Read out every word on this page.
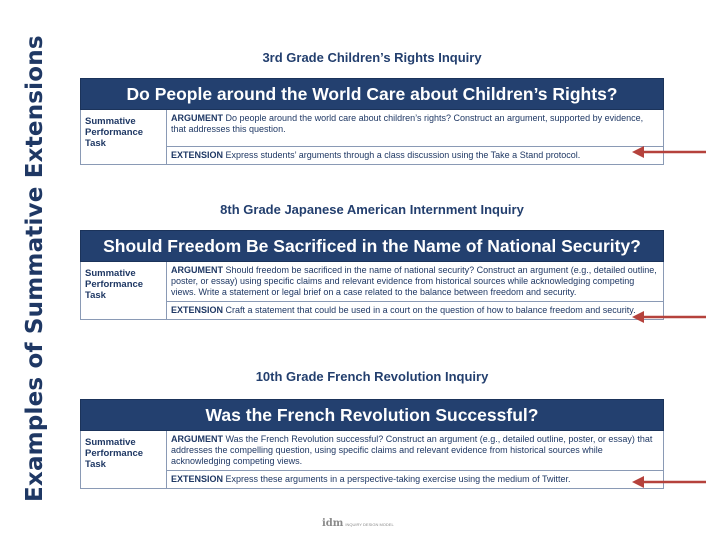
Examples of Summative Extensions	3rd Grade Children’s Rights Inquiry
Do People around the World Care about Children’s Rights?
Summative Performance Task
ARGUMENT Do people around the world care about children’s rights? Construct an argument, supported by evidence, that addresses this question.
EXTENSION Express students’ arguments through a class discussion using the Take a Stand protocol.
8th Grade Japanese American Internment Inquiry
Should Freedom Be Sacrificed in the Name of National Security?
Summative Performance Task
ARGUMENT Should freedom be sacrificed in the name of national security? Construct an argument (e.g., detailed outline, poster, or essay) using specific claims and relevant evidence from historical sources while acknowledging competing views. Write a statement or legal brief on a case related to the balance between freedom and security.
EXTENSION Craft a statement that could be used in a court on the question of how to balance freedom and security.
10th Grade French Revolution Inquiry
Was the French Revolution Successful?
Summative Performance Task
ARGUMENT Was the French Revolution successful? Construct an argument (e.g., detailed outline, poster, or essay) that addresses the compelling question, using specific claims and relevant evidence from historical sources while acknowledging competing views.
EXTENSION Express these arguments in a perspective-taking exercise using the medium of Twitter.
idm INQUIRY DESIGN MODEL
